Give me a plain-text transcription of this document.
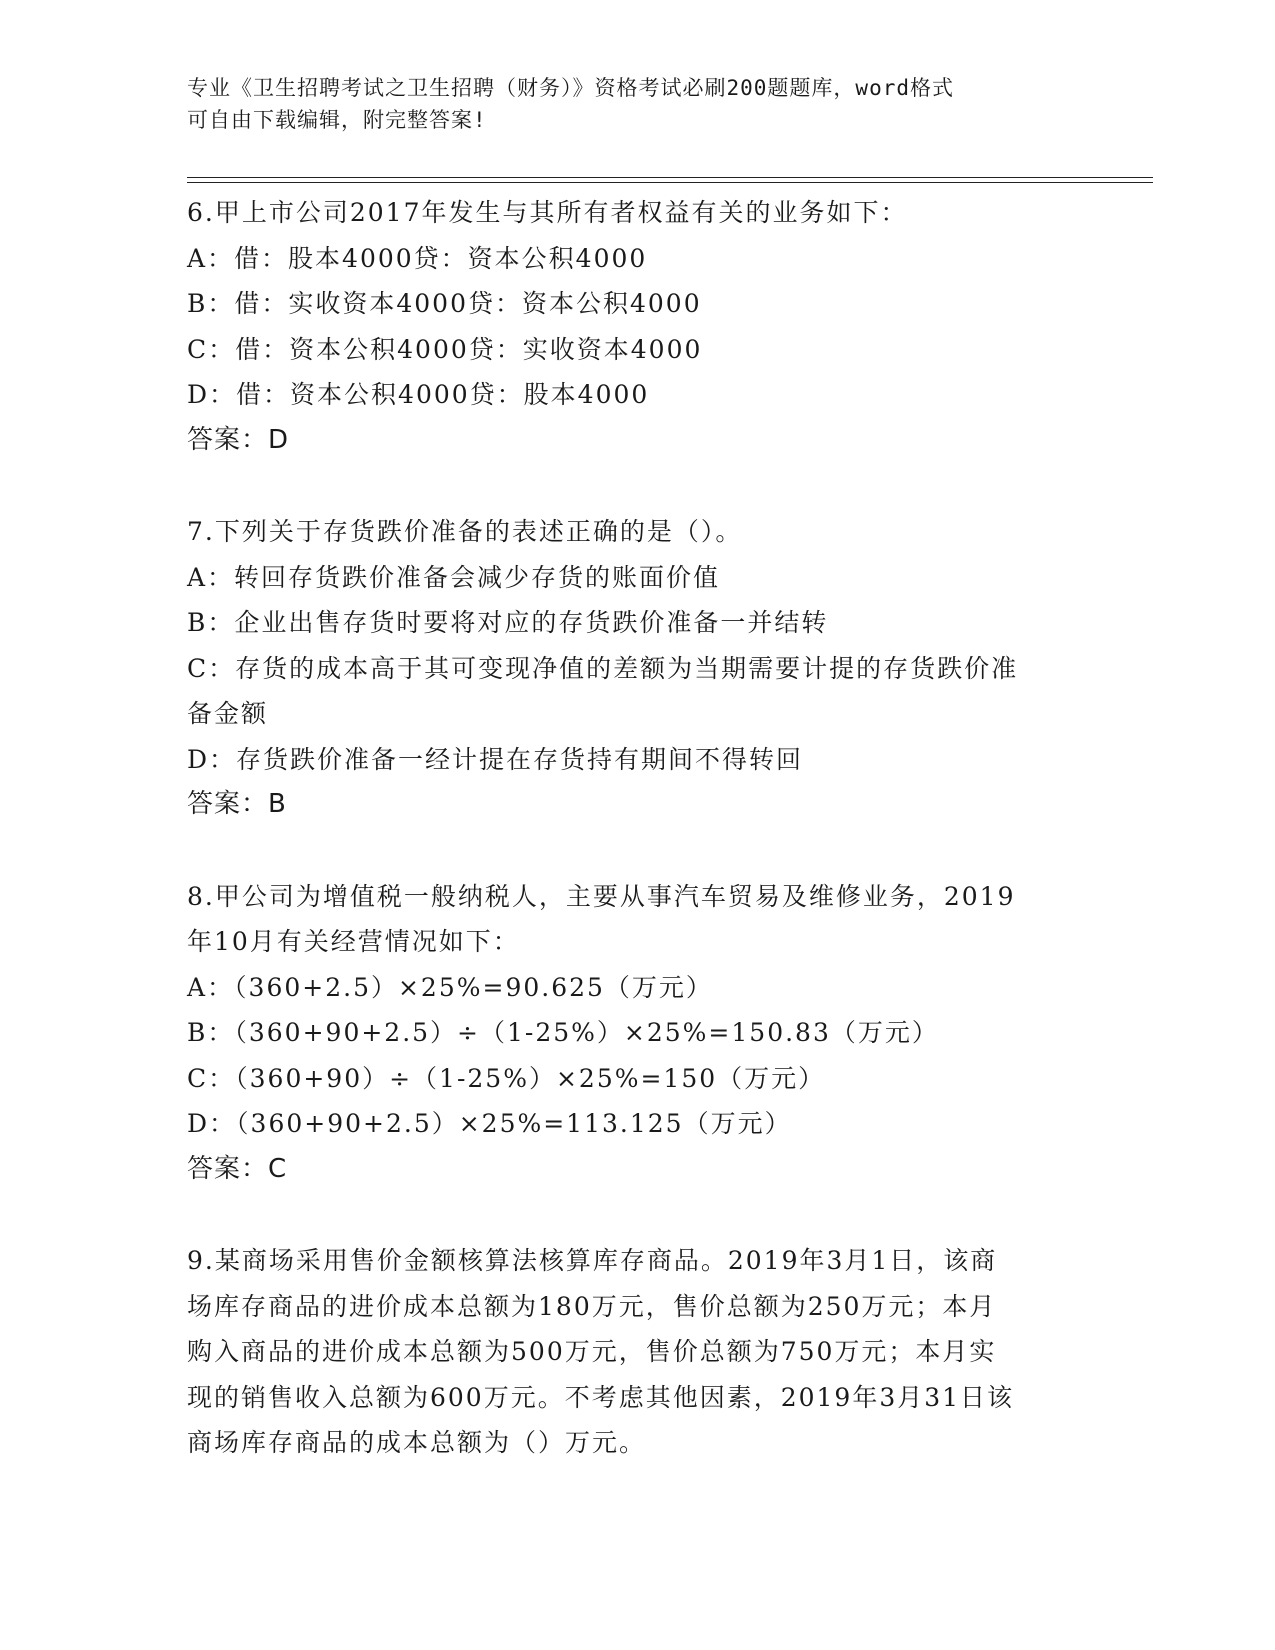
专业《卫生招聘考试之卫生招聘（财务）》资格考试必刷200题题库，word格式
可自由下载编辑，附完整答案!
6.甲上市公司2017年发生与其所有者权益有关的业务如下：
A：借：股本4000贷：资本公积4000
B：借：实收资本4000贷：资本公积4000
C：借：资本公积4000贷：实收资本4000
D：借：资本公积4000贷：股本4000
答案：D
7.下列关于存货跌价准备的表述正确的是（）。
A：转回存货跌价准备会减少存货的账面价值
B：企业出售存货时要将对应的存货跌价准备一并结转
C：存货的成本高于其可变现净值的差额为当期需要计提的存货跌价准
备金额
D：存货跌价准备一经计提在存货持有期间不得转回
答案：B
8.甲公司为增值税一般纳税人，主要从事汽车贸易及维修业务，2019
年10月有关经营情况如下：
A：（360+2.5）×25%=90.625（万元）
B：（360+90+2.5）÷（1-25%）×25%=150.83（万元）
C：（360+90）÷（1-25%）×25%=150（万元）
D：（360+90+2.5）×25%=113.125（万元）
答案：C
9.某商场采用售价金额核算法核算库存商品。2019年3月1日，该商
场库存商品的进价成本总额为180万元，售价总额为250万元；本月
购入商品的进价成本总额为500万元，售价总额为750万元；本月实
现的销售收入总额为600万元。不考虑其他因素，2019年3月31日该
商场库存商品的成本总额为（）万元。
